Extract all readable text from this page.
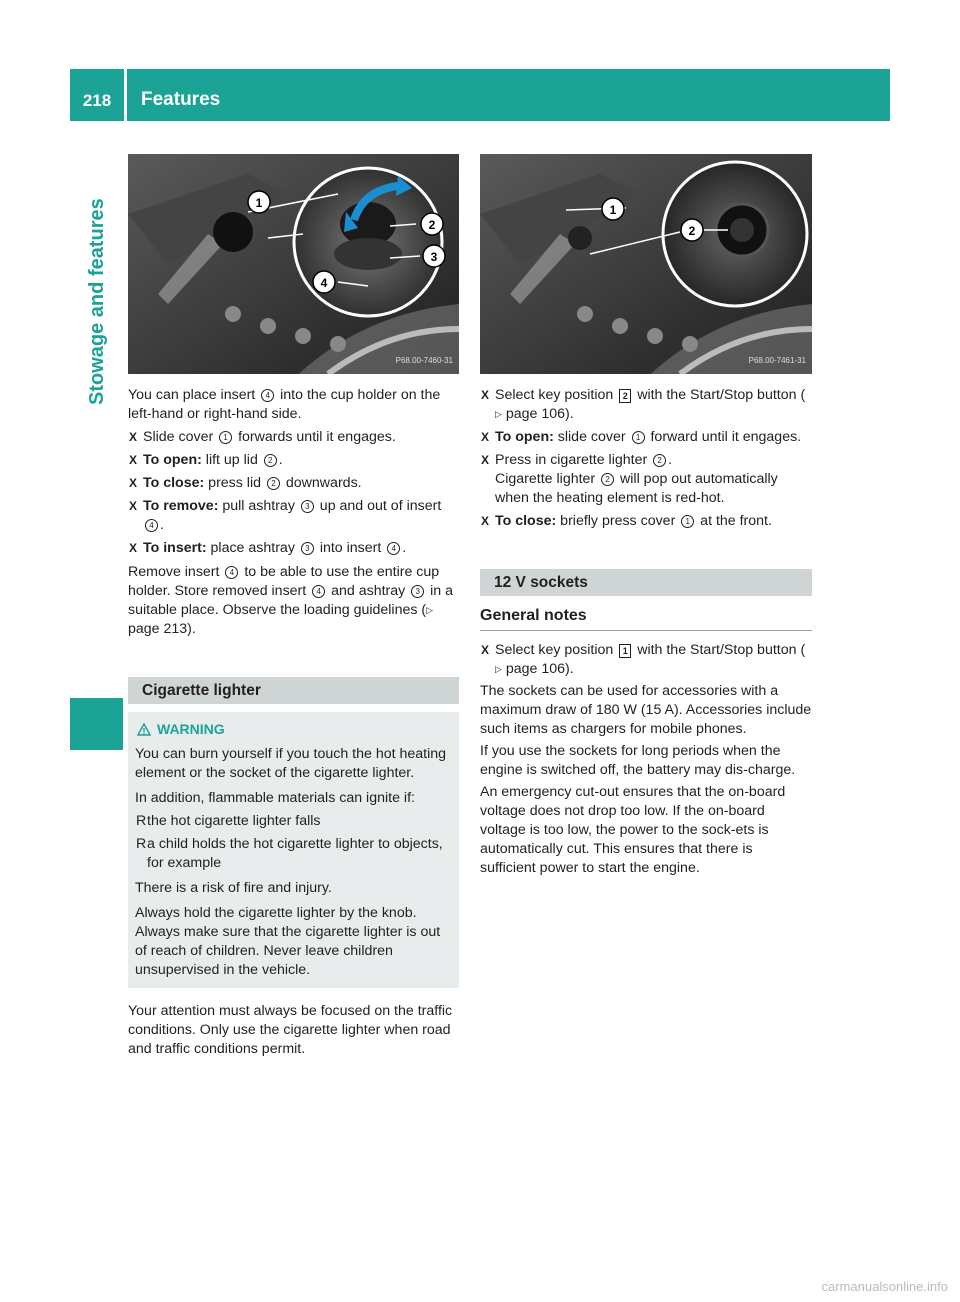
218	Features
Stowage and features	1
2
3
4
P68.00-7460-31

You can place insert 4 into the cup holder on the left-hand or right-hand side.

X Slide cover 1 forwards until it engages.
X To open: lift up lid 2 .
X To close: press lid 2 downwards.
X To remove: pull ashtray 3 up and out of insert 4 .
X To insert: place ashtray 3 into insert 4 .

Remove insert 4 to be able to use the entire cup holder. Store removed insert 4 and ashtray 3 in a suitable place. Observe the loading guidelines (▷ page 213).

Cigarette lighter
WARNING

You can burn yourself if you touch the hot heating element or the socket of the cigarette lighter.

In addition, flammable materials can ignite if:

R the hot cigarette lighter falls
R a child holds the hot cigarette lighter to objects, for example

There is a risk of fire and injury.

Always hold the cigarette lighter by the knob. Always make sure that the cigarette lighter is out of reach of children. Never leave children unsupervised in the vehicle.

Your attention must always be focused on the traffic conditions. Only use the cigarette lighter when road and traffic conditions permit.

1
2
P68.00-7461-31
X Select key position 2 with the Start/Stop button (▷ page 106).
X To open: slide cover 1 forward until it engages.
X Press in cigarette lighter 2 .
Cigarette lighter 2 will pop out automatically when the heating element is red-hot.
X To close: briefly press cover 1 at the front.
12 V sockets
General notes
X Select key position 1 with the Start/Stop button (▷ page 106).

The sockets can be used for accessories with a maximum draw of 180 W (15 A). Accessories include such items as chargers for mobile phones.

If you use the sockets for long periods when the engine is switched off, the battery may dis-charge.

An emergency cut-out ensures that the on-board voltage does not drop too low. If the on-board voltage is too low, the power to the sock-ets is automatically cut. This ensures that there is sufficient power to start the engine.

carmanualsonline.info
